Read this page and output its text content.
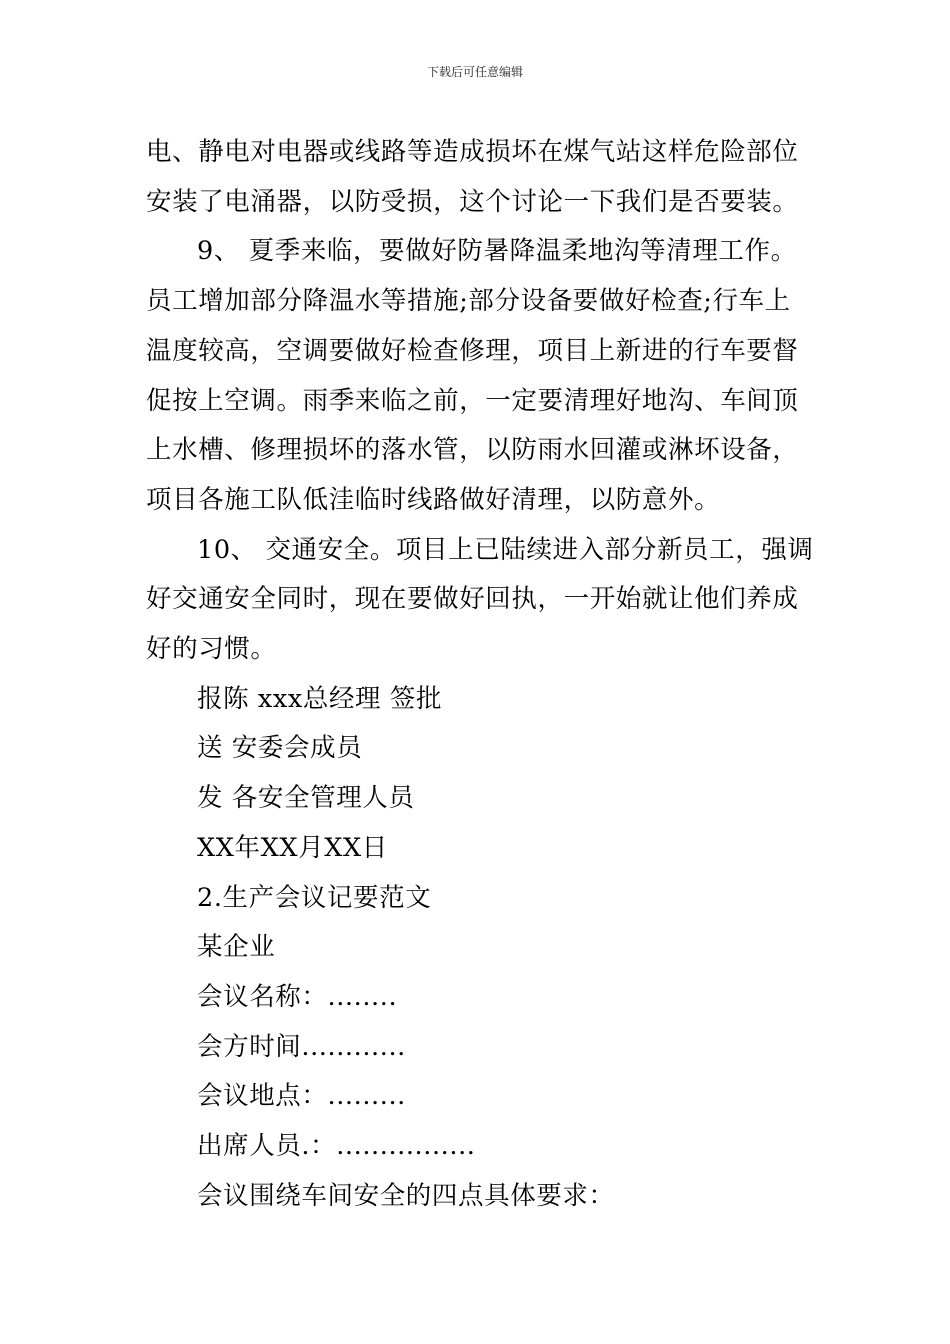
下载后可任意编辑
电、静电对电器或线路等造成损坏在煤气站这样危险部位
安装了电涌器，以防受损，这个讨论一下我们是否要装。
9、 夏季来临，要做好防暑降温柔地沟等清理工作。
员工增加部分降温水等措施;部分设备要做好检查;行车上
温度较高，空调要做好检查修理，项目上新进的行车要督
促按上空调。雨季来临之前，一定要清理好地沟、车间顶
上水槽、修理损坏的落水管，以防雨水回灌或淋坏设备，
项目各施工队低洼临时线路做好清理，以防意外。
10、 交通安全。项目上已陆续进入部分新员工，强调
好交通安全同时，现在要做好回执，一开始就让他们养成
好的习惯。

报陈 xxx总经理 签批

送 安委会成员

发 各安全管理人员

XX年XX月XX日

2.生产会议记要范文

某企业

会议名称：........

会方时间............

会议地点：.........

出席人员.：................

会议围绕车间安全的四点具体要求：
